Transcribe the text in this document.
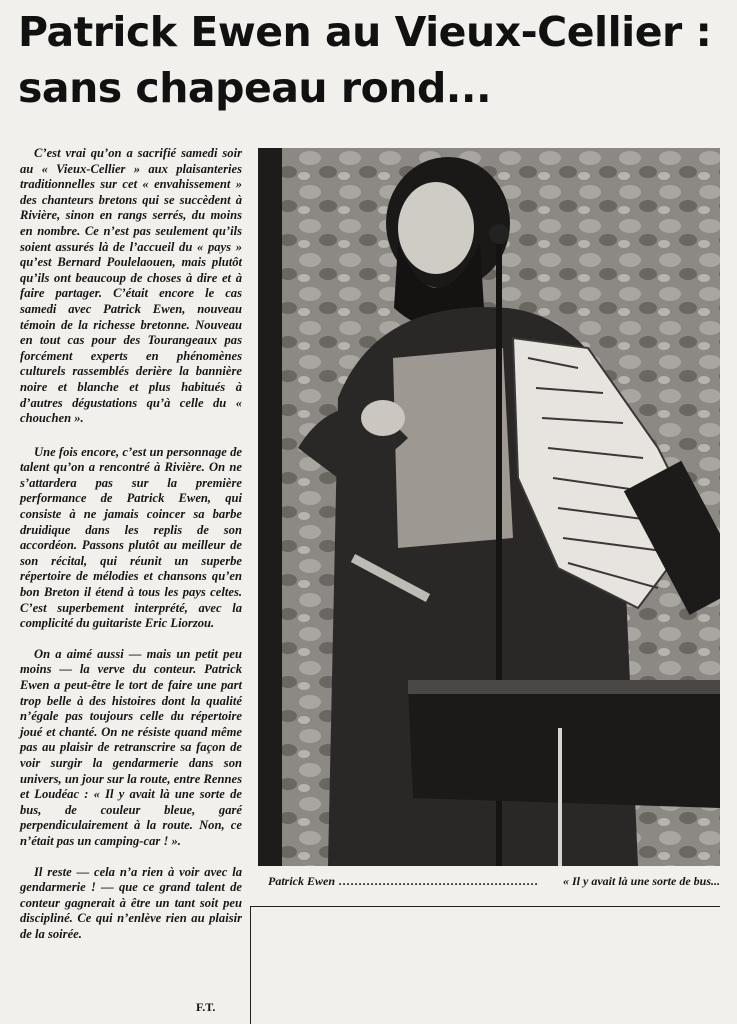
Patrick Ewen au Vieux-Cellier :
sans chapeau rond...

C’est vrai qu’on a sacrifié samedi soir au « Vieux-Cellier » aux plaisanteries traditionnelles sur cet « envahissement » des chanteurs bretons qui se succèdent à Rivière, sinon en rangs serrés, du moins en nombre. Ce n’est pas seulement qu’ils soient assurés là de l’accueil du « pays » qu’est Bernard Poulelaouen, mais plutôt qu’ils ont beaucoup de choses à dire et à faire partager. C’était encore le cas samedi avec Patrick Ewen, nouveau témoin de la richesse bretonne. Nouveau en tout cas pour des Tourangeaux pas forcément experts en phénomènes culturels rassemblés derière la bannière noire et blanche et plus habitués à d’autres dégustations qu’à celle du « chouchen ».

Une fois encore, c’est un personnage de talent qu’on a rencontré à Rivière. On ne s’attardera pas sur la première performance de Patrick Ewen, qui consiste à ne jamais coincer sa barbe druidique dans les replis de son accordéon. Passons plutôt au meilleur de son récital, qui réunit un superbe répertoire de mélodies et chansons qu’en bon Breton il étend à tous les pays celtes. C’est superbement interprété, avec la complicité du guitariste Eric Liorzou.

On a aimé aussi — mais un petit peu moins — la verve du conteur. Patrick Ewen a peut-être le tort de faire une part trop belle à des histoires dont la qualité n’égale pas toujours celle du répertoire joué et chanté. On ne résiste quand même pas au plaisir de retranscrire sa façon de voir surgir la gendarmerie dans son univers, un jour sur la route, entre Rennes et Loudéac : « Il y avait là une sorte de bus, de couleur bleue, garé perpendiculairement à la route. Non, ce n’était pas un camping-car ! ».

Il reste — cela n’a rien à voir avec la gendarmerie ! — que ce grand talent de conteur gagnerait à être un tant soit peu discipliné. Ce qui n’enlève rien au plaisir de la soirée.

F.T.
Patrick Ewen ..................................................	« Il y avait là une sorte de bus...
